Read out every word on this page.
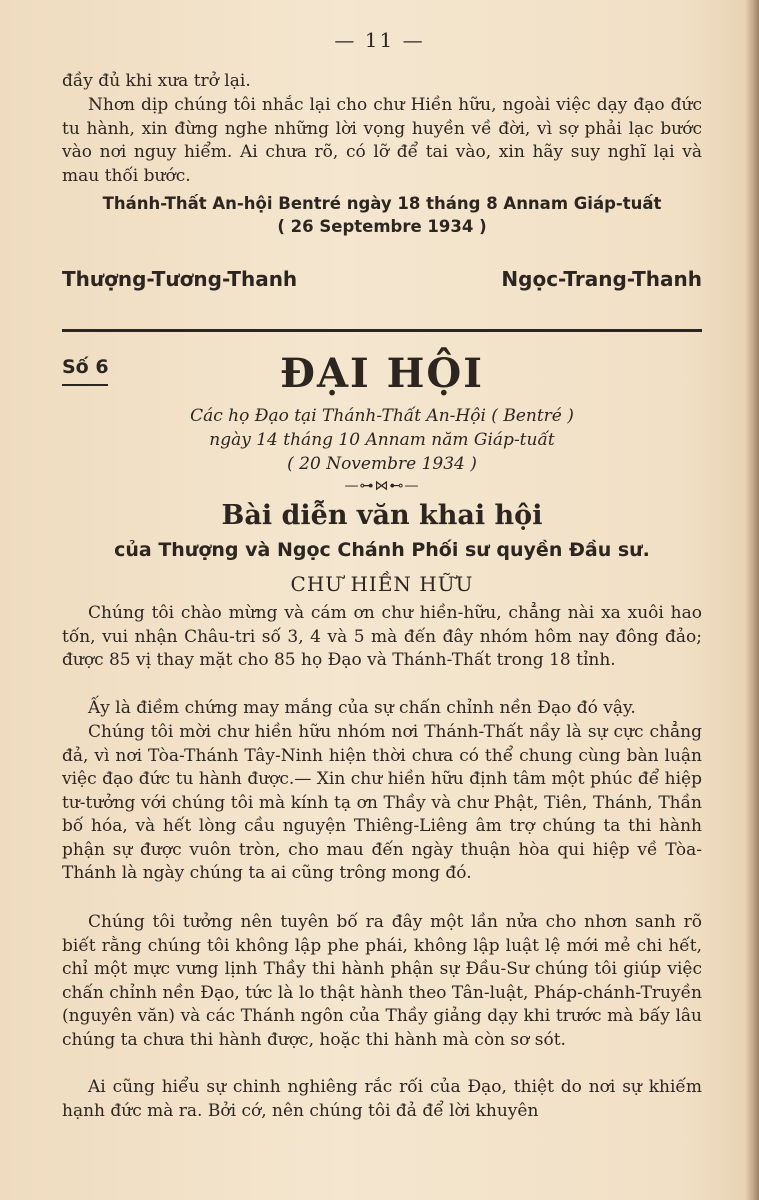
— 11 —
đầy đủ khi xưa trở lại.
Nhơn dịp chúng tôi nhắc lại cho chư Hiền hữu, ngoài việc dạy đạo đức tu hành, xin đừng nghe những lời vọng huyền về đời, vì sợ phải lạc bước vào nơi nguy hiểm. Ai chưa rõ, có lỡ để tai vào, xin hãy suy nghĩ lại và mau thối bước.
Thánh-Thất An-hội Bentré ngày 18 tháng 8 Annam Giáp-tuất
( 26 Septembre 1934 )
Thượng-Tương-Thanh	Ngọc-Trang-Thanh
Số 6	ĐẠI HỘI
Các họ Đạo tại Thánh-Thất An-Hội ( Bentré )
ngày 14 tháng 10 Annam năm Giáp-tuất
( 20 Novembre 1934 )
—⊶⋈⊷—
Bài diễn văn khai hội
của Thượng và Ngọc Chánh Phối sư quyền Đầu sư.
CHƯ HIỀN HỮU
Chúng tôi chào mừng và cám ơn chư hiền-hữu, chẳng nài xa xuôi hao tốn, vui nhận Châu-tri số 3, 4 và 5 mà đến đây nhóm hôm nay đông đảo; được 85 vị thay mặt cho 85 họ Đạo và Thánh-Thất trong 18 tỉnh.
Ấy là điềm chứng may mắng của sự chấn chỉnh nền Đạo đó vậy.
Chúng tôi mời chư hiền hữu nhóm nơi Thánh-Thất nầy là sự cực chẳng đả, vì nơi Tòa-Thánh Tây-Ninh hiện thời chưa có thể chung cùng bàn luận việc đạo đức tu hành được.— Xin chư hiền hữu định tâm một phúc để hiệp tư-tưởng với chúng tôi mà kính tạ ơn Thầy và chư Phật, Tiên, Thánh, Thần bố hóa, và hết lòng cầu nguyện Thiêng-Liêng âm trợ chúng ta thi hành phận sự được vuôn tròn, cho mau đến ngày thuận hòa qui hiệp về Tòa-Thánh là ngày chúng ta ai cũng trông mong đó.
Chúng tôi tưởng nên tuyên bố ra đây một lần nửa cho nhơn sanh rõ biết rằng chúng tôi không lập phe phái, không lập luật lệ mới mẻ chi hết, chỉ một mực vưng lịnh Thầy thi hành phận sự Đầu-Sư chúng tôi giúp việc chấn chỉnh nền Đạo, tức là lo thật hành theo Tân-luật, Pháp-chánh-Truyền (nguyên văn) và các Thánh ngôn của Thầy giảng dạy khi trước mà bấy lâu chúng ta chưa thi hành được, hoặc thi hành mà còn sơ sót.
Ai cũng hiểu sự chinh nghiêng rắc rối của Đạo, thiệt do nơi sự khiếm hạnh đức mà ra. Bởi cớ, nên chúng tôi đả để lời khuyên
